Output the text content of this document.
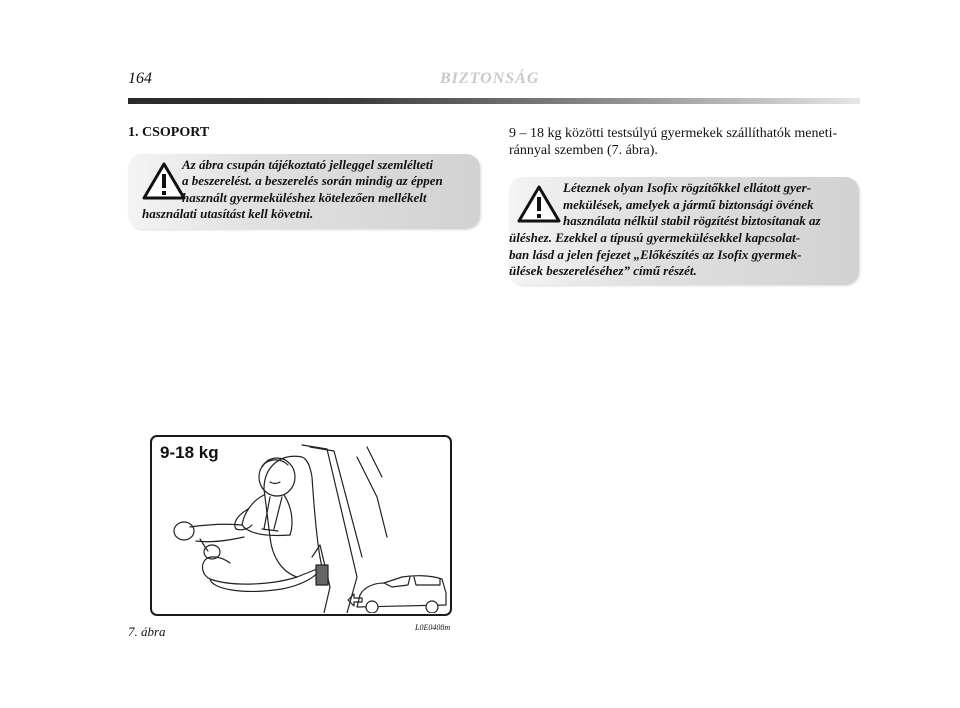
164	BIZTONSÁG
1. CSOPORT
Az ábra csupán tájékoztató jelleggel szemlélteti
a beszerelést. a beszerelés során mindig az éppen
használt gyermeküléshez kötelezően mellékelt
használati utasítást kell követni.
9 – 18 kg közötti testsúlyú gyermekek szállíthatók meneti-
ránnyal szemben (7. ábra).
Léteznek olyan Isofix rögzítőkkel ellátott gyer-
mekülések, amelyek a jármű biztonsági övének
használata nélkül stabil rögzítést biztosítanak az
üléshez. Ezekkel a típusú gyermekülésekkel kapcsolat-
ban lásd a jelen fejezet „Előkészítés az Isofix gyermek-
ülések beszereléséhez” című részét.
9-18 kg
7. ábra	L0E0408m
